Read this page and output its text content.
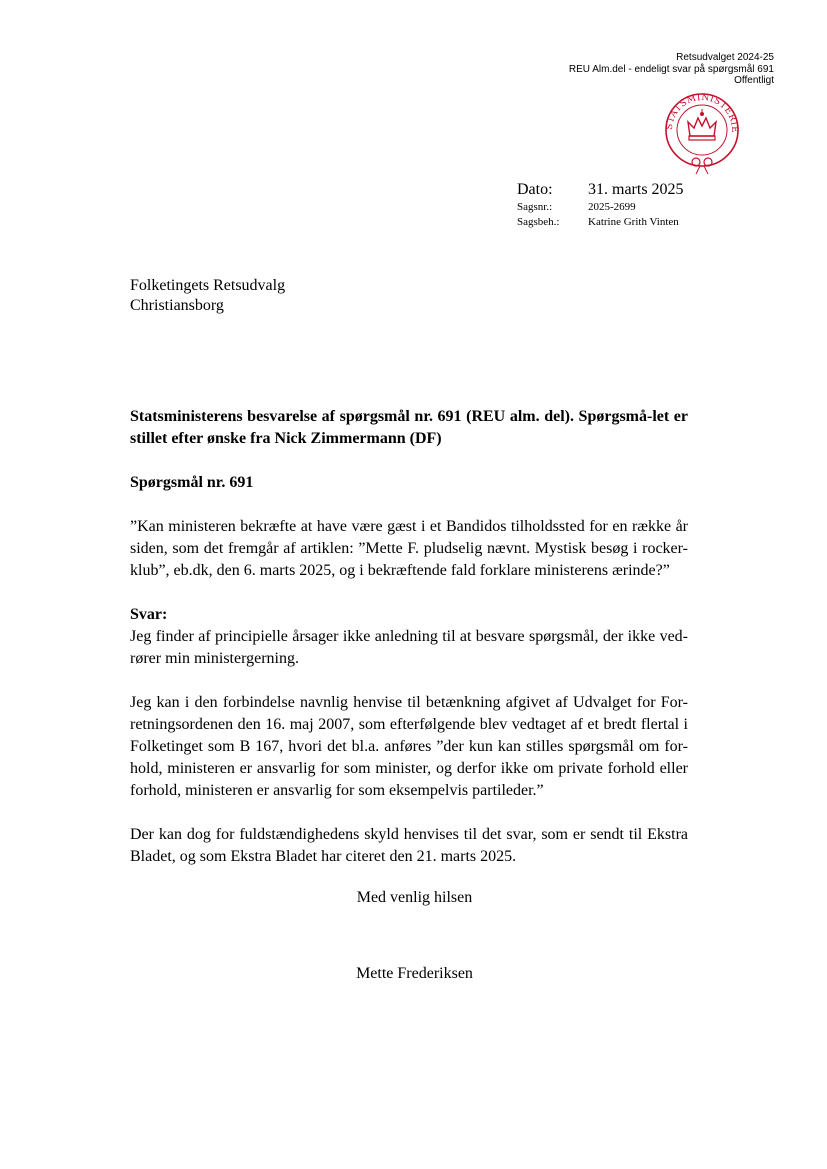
Retsudvalget 2024-25
REU Alm.del - endeligt svar på spørgsmål 691
Offentligt
STATSMINISTERIE
Dato:	31. marts 2025
Sagsnr.:	2025-2699
Sagsbeh.:	Katrine Grith Vinten
Folketingets Retsudvalg
Christiansborg

Statsministerens besvarelse af spørgsmål nr. 691 (REU alm. del). Spørgsmå-let er stillet efter ønske fra Nick Zimmermann (DF)

Spørgsmål nr. 691

”Kan ministeren bekræfte at have være gæst i et Bandidos tilholdssted for en række år siden, som det fremgår af artiklen: ”Mette F. pludselig nævnt. Mystisk besøg i rocker-klub”, eb.dk, den 6. marts 2025, og i bekræftende fald forklare ministerens ærinde?”

Svar:

Jeg finder af principielle årsager ikke anledning til at besvare spørgsmål, der ikke ved-rører min ministergerning.

Jeg kan i den forbindelse navnlig henvise til betænkning afgivet af Udvalget for For-retningsordenen den 16. maj 2007, som efterfølgende blev vedtaget af et bredt flertal i Folketinget som B 167, hvori det bl.a. anføres ”der kun kan stilles spørgsmål om for-hold, ministeren er ansvarlig for som minister, og derfor ikke om private forhold eller forhold, ministeren er ansvarlig for som eksempelvis partileder.”

Der kan dog for fuldstændighedens skyld henvises til det svar, som er sendt til Ekstra Bladet, og som Ekstra Bladet har citeret den 21. marts 2025.

Med venlig hilsen
Mette Frederiksen
